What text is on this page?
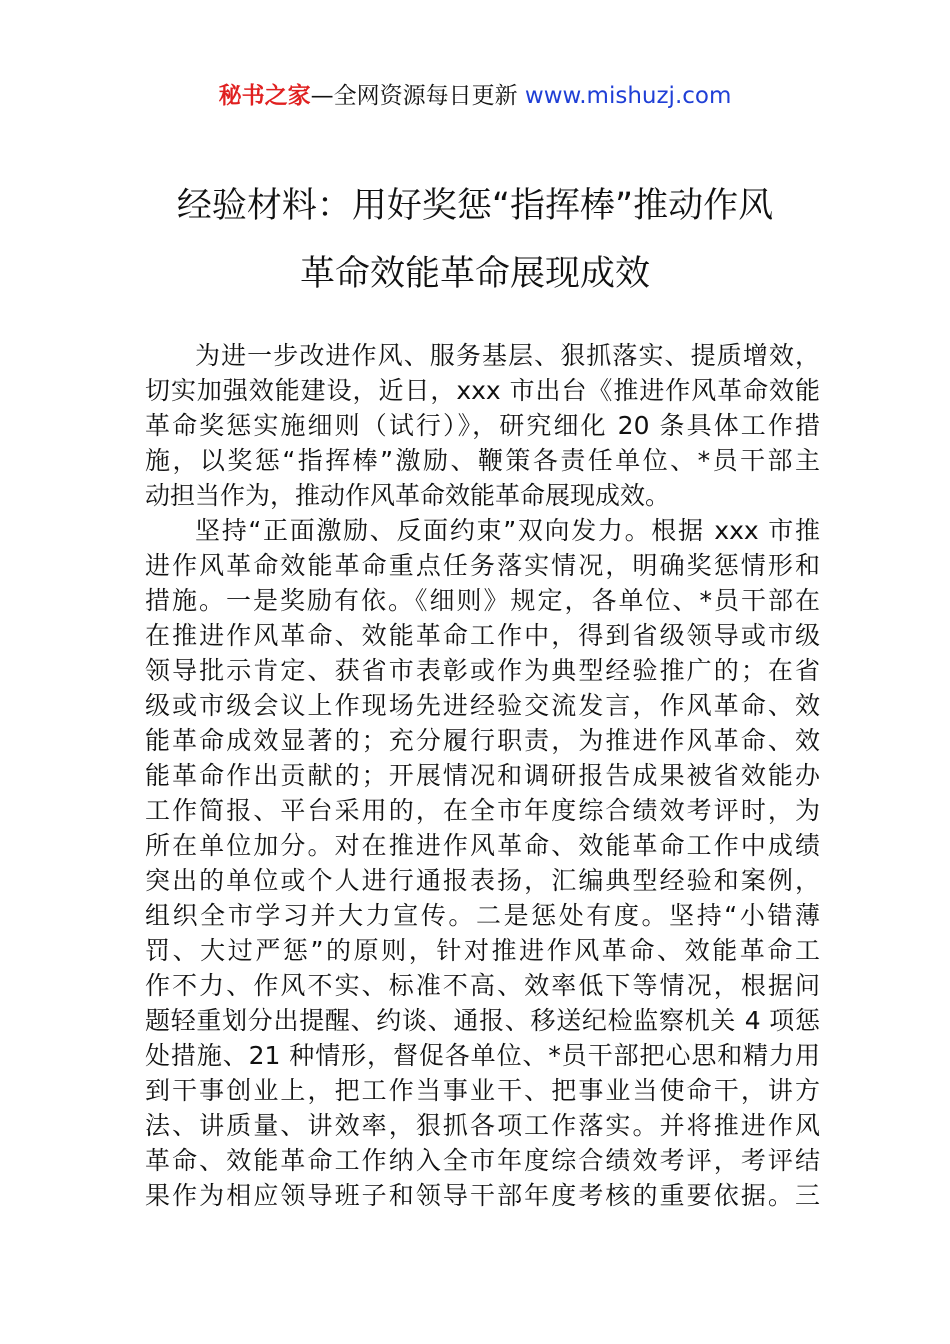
秘书之家—全网资源每日更新 www.mishuzj.com
经验材料：用好奖惩“指挥棒”推动作风
革命效能革命展现成效
为进一步改进作风、服务基层、狠抓落实、提质增效，
切实加强效能建设，近日，xxx 市出台《推进作风革命效能
革命奖惩实施细则（试行）》，研究细化 20 条具体工作措
施，以奖惩“指挥棒”激励、鞭策各责任单位、*员干部主
动担当作为，推动作风革命效能革命展现成效。
坚持“正面激励、反面约束”双向发力。根据 xxx 市推
进作风革命效能革命重点任务落实情况，明确奖惩情形和
措施。一是奖励有依。《细则》规定，各单位、*员干部在
在推进作风革命、效能革命工作中，得到省级领导或市级
领导批示肯定、获省市表彰或作为典型经验推广的；在省
级或市级会议上作现场先进经验交流发言，作风革命、效
能革命成效显著的；充分履行职责，为推进作风革命、效
能革命作出贡献的；开展情况和调研报告成果被省效能办
工作简报、平台采用的，在全市年度综合绩效考评时，为
所在单位加分。对在推进作风革命、效能革命工作中成绩
突出的单位或个人进行通报表扬，汇编典型经验和案例，
组织全市学习并大力宣传。二是惩处有度。坚持“小错薄
罚、大过严惩”的原则，针对推进作风革命、效能革命工
作不力、作风不实、标准不高、效率低下等情况，根据问
题轻重划分出提醒、约谈、通报、移送纪检监察机关 4 项惩
处措施、21 种情形，督促各单位、*员干部把心思和精力用
到干事创业上，把工作当事业干、把事业当使命干，讲方
法、讲质量、讲效率，狠抓各项工作落实。并将推进作风
革命、效能革命工作纳入全市年度综合绩效考评，考评结
果作为相应领导班子和领导干部年度考核的重要依据。三
